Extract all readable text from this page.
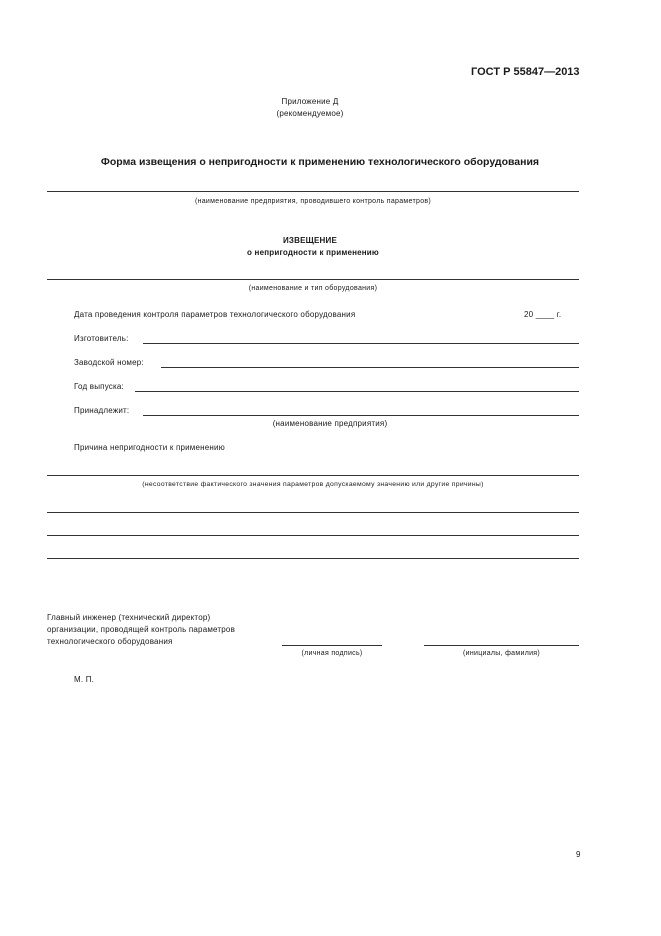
ГОСТ Р 55847—2013
Приложение Д
(рекомендуемое)
Форма извещения о непригодности к применению технологического оборудования
(наименование предприятия, проводившего контроль параметров)
ИЗВЕЩЕНИЕ
о непригодности к применению
(наименование и тип оборудования)
Дата проведения контроля параметров технологического оборудования	20 ____ г.
Изготовитель:
Заводской номер:
Год выпуска:
Принадлежит:
(наименование предприятия)
Причина непригодности к применению
(несоответствие фактического значения параметров допускаемому значению или другие причины)
Главный инженер (технический директор)
организации, проводящей контроль параметров
технологического оборудования
(личная подпись)	(инициалы, фамилия)
М. П.
9
